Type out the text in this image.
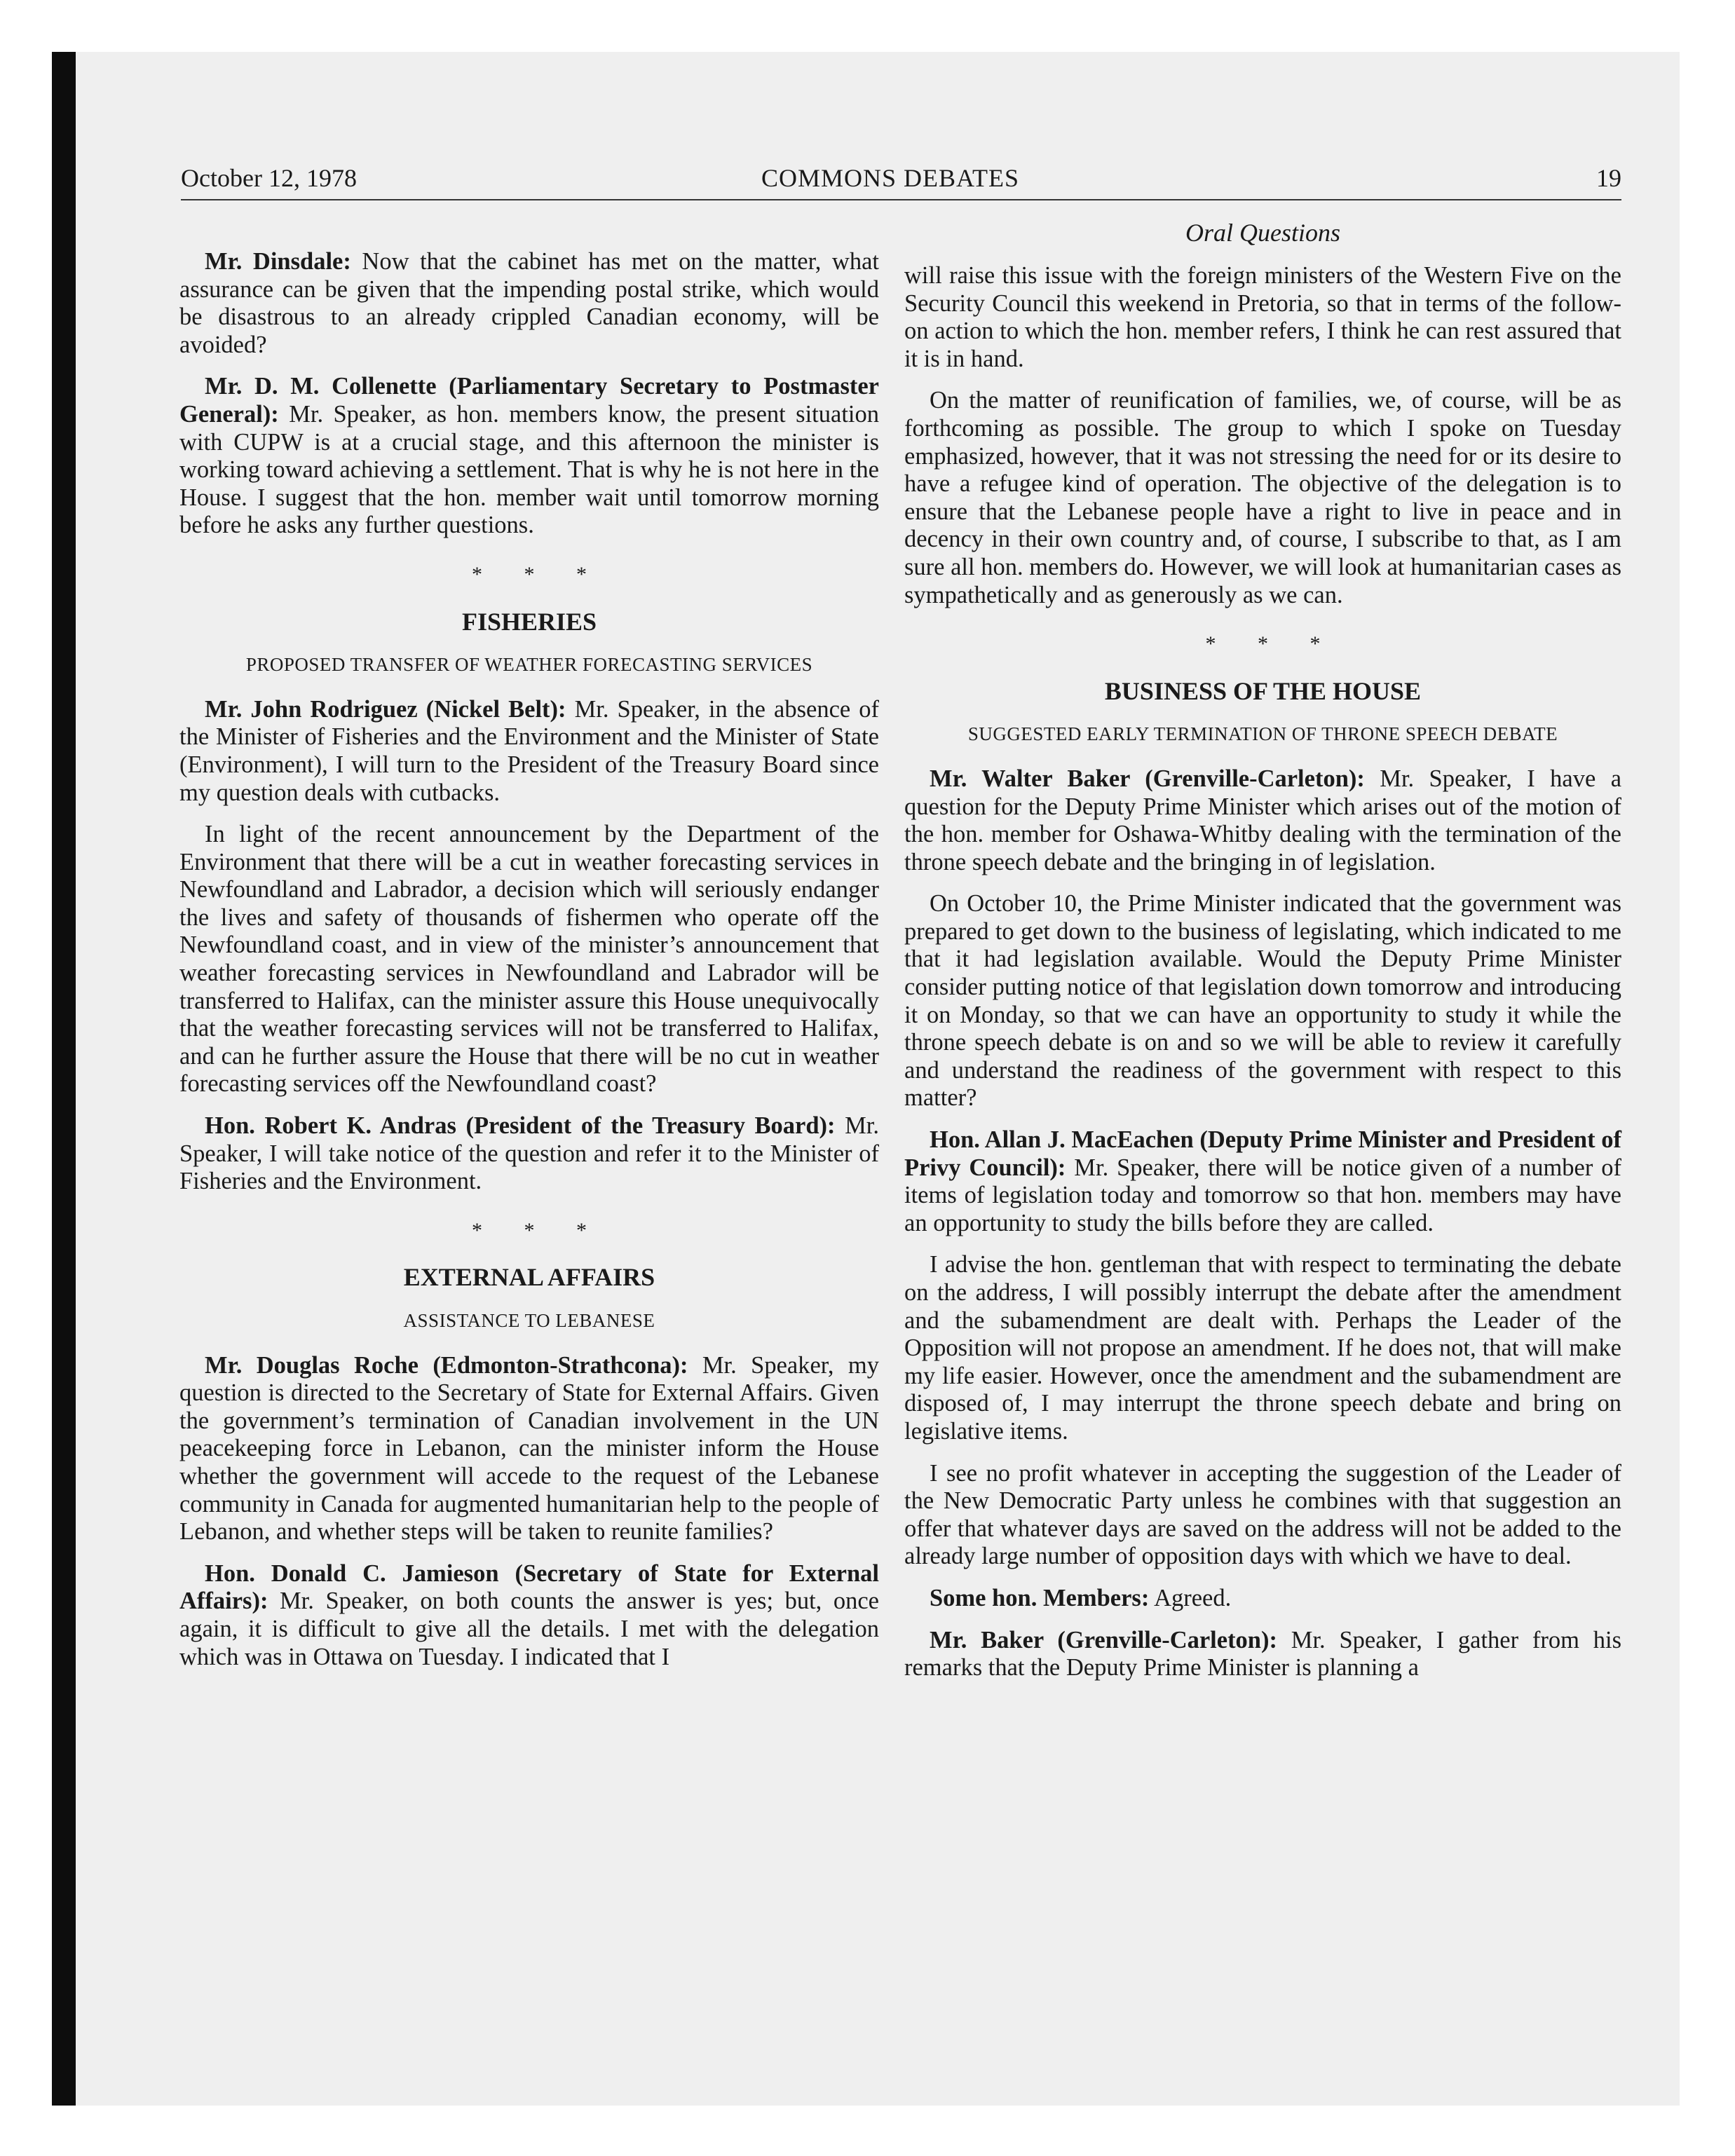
October 12, 1978	COMMONS DEBATES	19
Oral Questions

Mr. Dinsdale: Now that the cabinet has met on the matter, what assurance can be given that the impending postal strike, which would be disastrous to an already crippled Canadian economy, will be avoided?

Mr. D. M. Collenette (Parliamentary Secretary to Postmaster General): Mr. Speaker, as hon. members know, the present situation with CUPW is at a crucial stage, and this afternoon the minister is working toward achieving a settlement. That is why he is not here in the House. I suggest that the hon. member wait until tomorrow morning before he asks any further questions.

* * *
FISHERIES
PROPOSED TRANSFER OF WEATHER FORECASTING SERVICES

Mr. John Rodriguez (Nickel Belt): Mr. Speaker, in the absence of the Minister of Fisheries and the Environment and the Minister of State (Environment), I will turn to the President of the Treasury Board since my question deals with cutbacks.

In light of the recent announcement by the Department of the Environment that there will be a cut in weather forecasting services in Newfoundland and Labrador, a decision which will seriously endanger the lives and safety of thousands of fishermen who operate off the Newfoundland coast, and in view of the minister’s announcement that weather forecasting services in Newfoundland and Labrador will be transferred to Halifax, can the minister assure this House unequivocally that the weather forecasting services will not be transferred to Halifax, and can he further assure the House that there will be no cut in weather forecasting services off the Newfoundland coast?

Hon. Robert K. Andras (President of the Treasury Board): Mr. Speaker, I will take notice of the question and refer it to the Minister of Fisheries and the Environment.

* * *
EXTERNAL AFFAIRS
ASSISTANCE TO LEBANESE

Mr. Douglas Roche (Edmonton-Strathcona): Mr. Speaker, my question is directed to the Secretary of State for External Affairs. Given the government’s termination of Canadian involvement in the UN peacekeeping force in Lebanon, can the minister inform the House whether the government will accede to the request of the Lebanese community in Canada for augmented humanitarian help to the people of Lebanon, and whether steps will be taken to reunite families?

Hon. Donald C. Jamieson (Secretary of State for External Affairs): Mr. Speaker, on both counts the answer is yes; but, once again, it is difficult to give all the details. I met with the delegation which was in Ottawa on Tuesday. I indicated that I

will raise this issue with the foreign ministers of the Western Five on the Security Council this weekend in Pretoria, so that in terms of the follow-on action to which the hon. member refers, I think he can rest assured that it is in hand.

On the matter of reunification of families, we, of course, will be as forthcoming as possible. The group to which I spoke on Tuesday emphasized, however, that it was not stressing the need for or its desire to have a refugee kind of operation. The objective of the delegation is to ensure that the Lebanese people have a right to live in peace and in decency in their own country and, of course, I subscribe to that, as I am sure all hon. members do. However, we will look at humanitarian cases as sympathetically and as generously as we can.

* * *
BUSINESS OF THE HOUSE
SUGGESTED EARLY TERMINATION OF THRONE SPEECH DEBATE

Mr. Walter Baker (Grenville-Carleton): Mr. Speaker, I have a question for the Deputy Prime Minister which arises out of the motion of the hon. member for Oshawa-Whitby dealing with the termination of the throne speech debate and the bringing in of legislation.

On October 10, the Prime Minister indicated that the government was prepared to get down to the business of legislating, which indicated to me that it had legislation available. Would the Deputy Prime Minister consider putting notice of that legislation down tomorrow and introducing it on Monday, so that we can have an opportunity to study it while the throne speech debate is on and so we will be able to review it carefully and understand the readiness of the government with respect to this matter?

Hon. Allan J. MacEachen (Deputy Prime Minister and President of Privy Council): Mr. Speaker, there will be notice given of a number of items of legislation today and tomorrow so that hon. members may have an opportunity to study the bills before they are called.

I advise the hon. gentleman that with respect to terminating the debate on the address, I will possibly interrupt the debate after the amendment and the subamendment are dealt with. Perhaps the Leader of the Opposition will not propose an amendment. If he does not, that will make my life easier. However, once the amendment and the subamendment are disposed of, I may interrupt the throne speech debate and bring on legislative items.

I see no profit whatever in accepting the suggestion of the Leader of the New Democratic Party unless he combines with that suggestion an offer that whatever days are saved on the address will not be added to the already large number of opposition days with which we have to deal.

Some hon. Members: Agreed.

Mr. Baker (Grenville-Carleton): Mr. Speaker, I gather from his remarks that the Deputy Prime Minister is planning a
